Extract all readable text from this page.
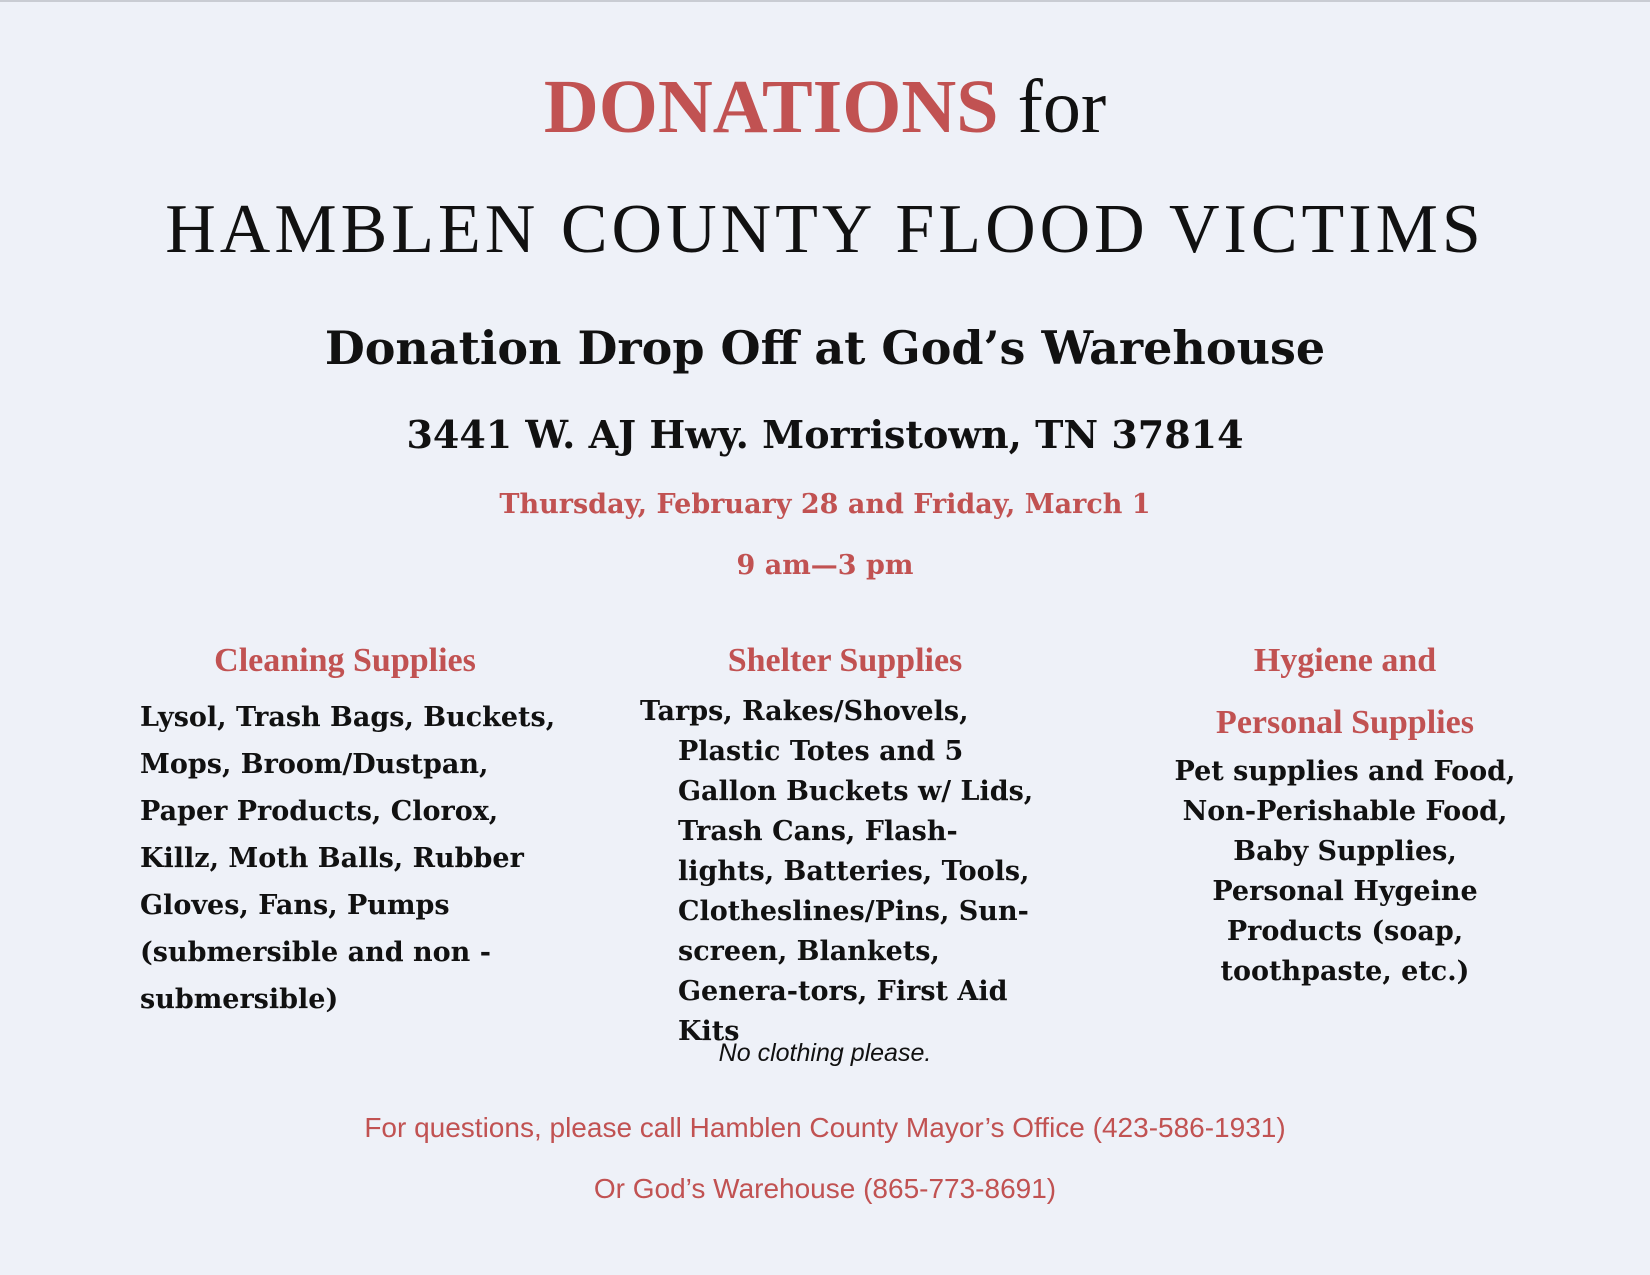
DONATIONS for
HAMBLEN COUNTY FLOOD VICTIMS
Donation Drop Off at God’s Warehouse
3441 W. AJ Hwy. Morristown, TN 37814
Thursday, February 28 and Friday, March 1
9 am—3 pm
Cleaning Supplies
Lysol, Trash Bags, Buckets, Mops, Broom/Dustpan, Paper Products, Clorox, Killz, Moth Balls, Rubber Gloves, Fans, Pumps (submersible and non -submersible)
Shelter Supplies
Tarps, Rakes/Shovels, Plastic Totes and 5 Gallon Buckets w/ Lids, Trash Cans, Flash-lights, Batteries, Tools, Clotheslines/Pins, Sun-screen, Blankets, Genera-tors, First Aid Kits
Hygiene and
Personal Supplies
Pet supplies and Food, Non-Perishable Food, Baby Supplies, Personal Hygeine Products (soap, toothpaste, etc.)
No clothing please.
For questions, please call Hamblen County Mayor’s Office (423-586-1931)
Or God’s Warehouse (865-773-8691)
